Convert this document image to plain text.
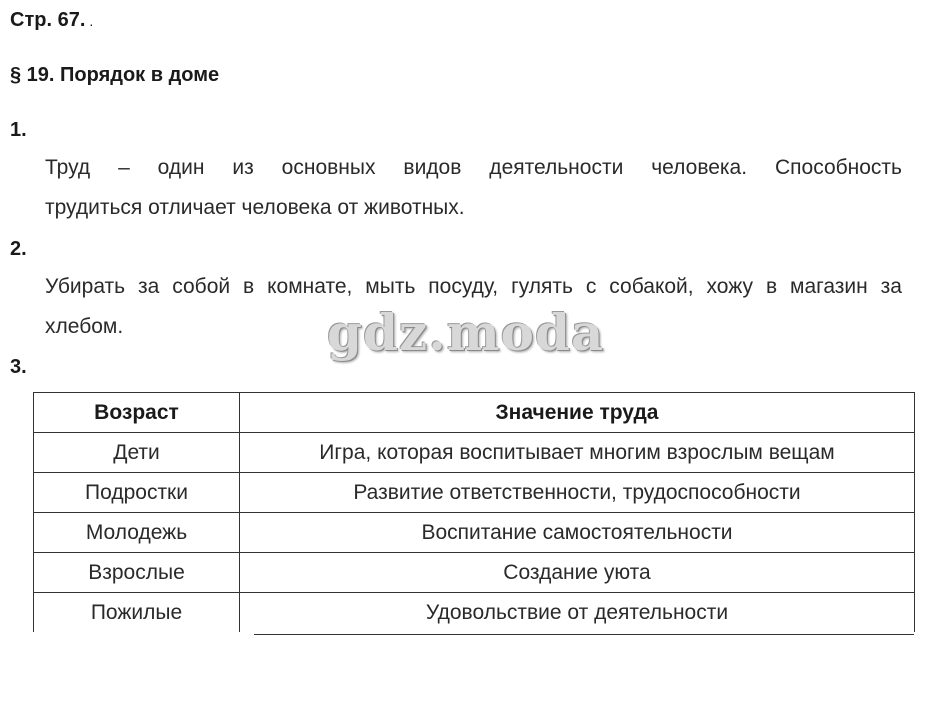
Стр. 67. .
§ 19. Порядок в доме
1.
Труд – один из основных видов деятельности человека. Способность
трудиться отличает человека от животных.
2.
Убирать за собой в комнате, мыть посуду, гулять с собакой, хожу в магазин за
хлебом.	gdz.moda
3.
Возраст	Значение труда
Дети	Игра, которая воспитывает многим взрослым вещам
Подростки	Развитие ответственности, трудоспособности
Молодежь	Воспитание самостоятельности
Взрослые	Создание уюта
Пожилые	Удовольствие от деятельности
